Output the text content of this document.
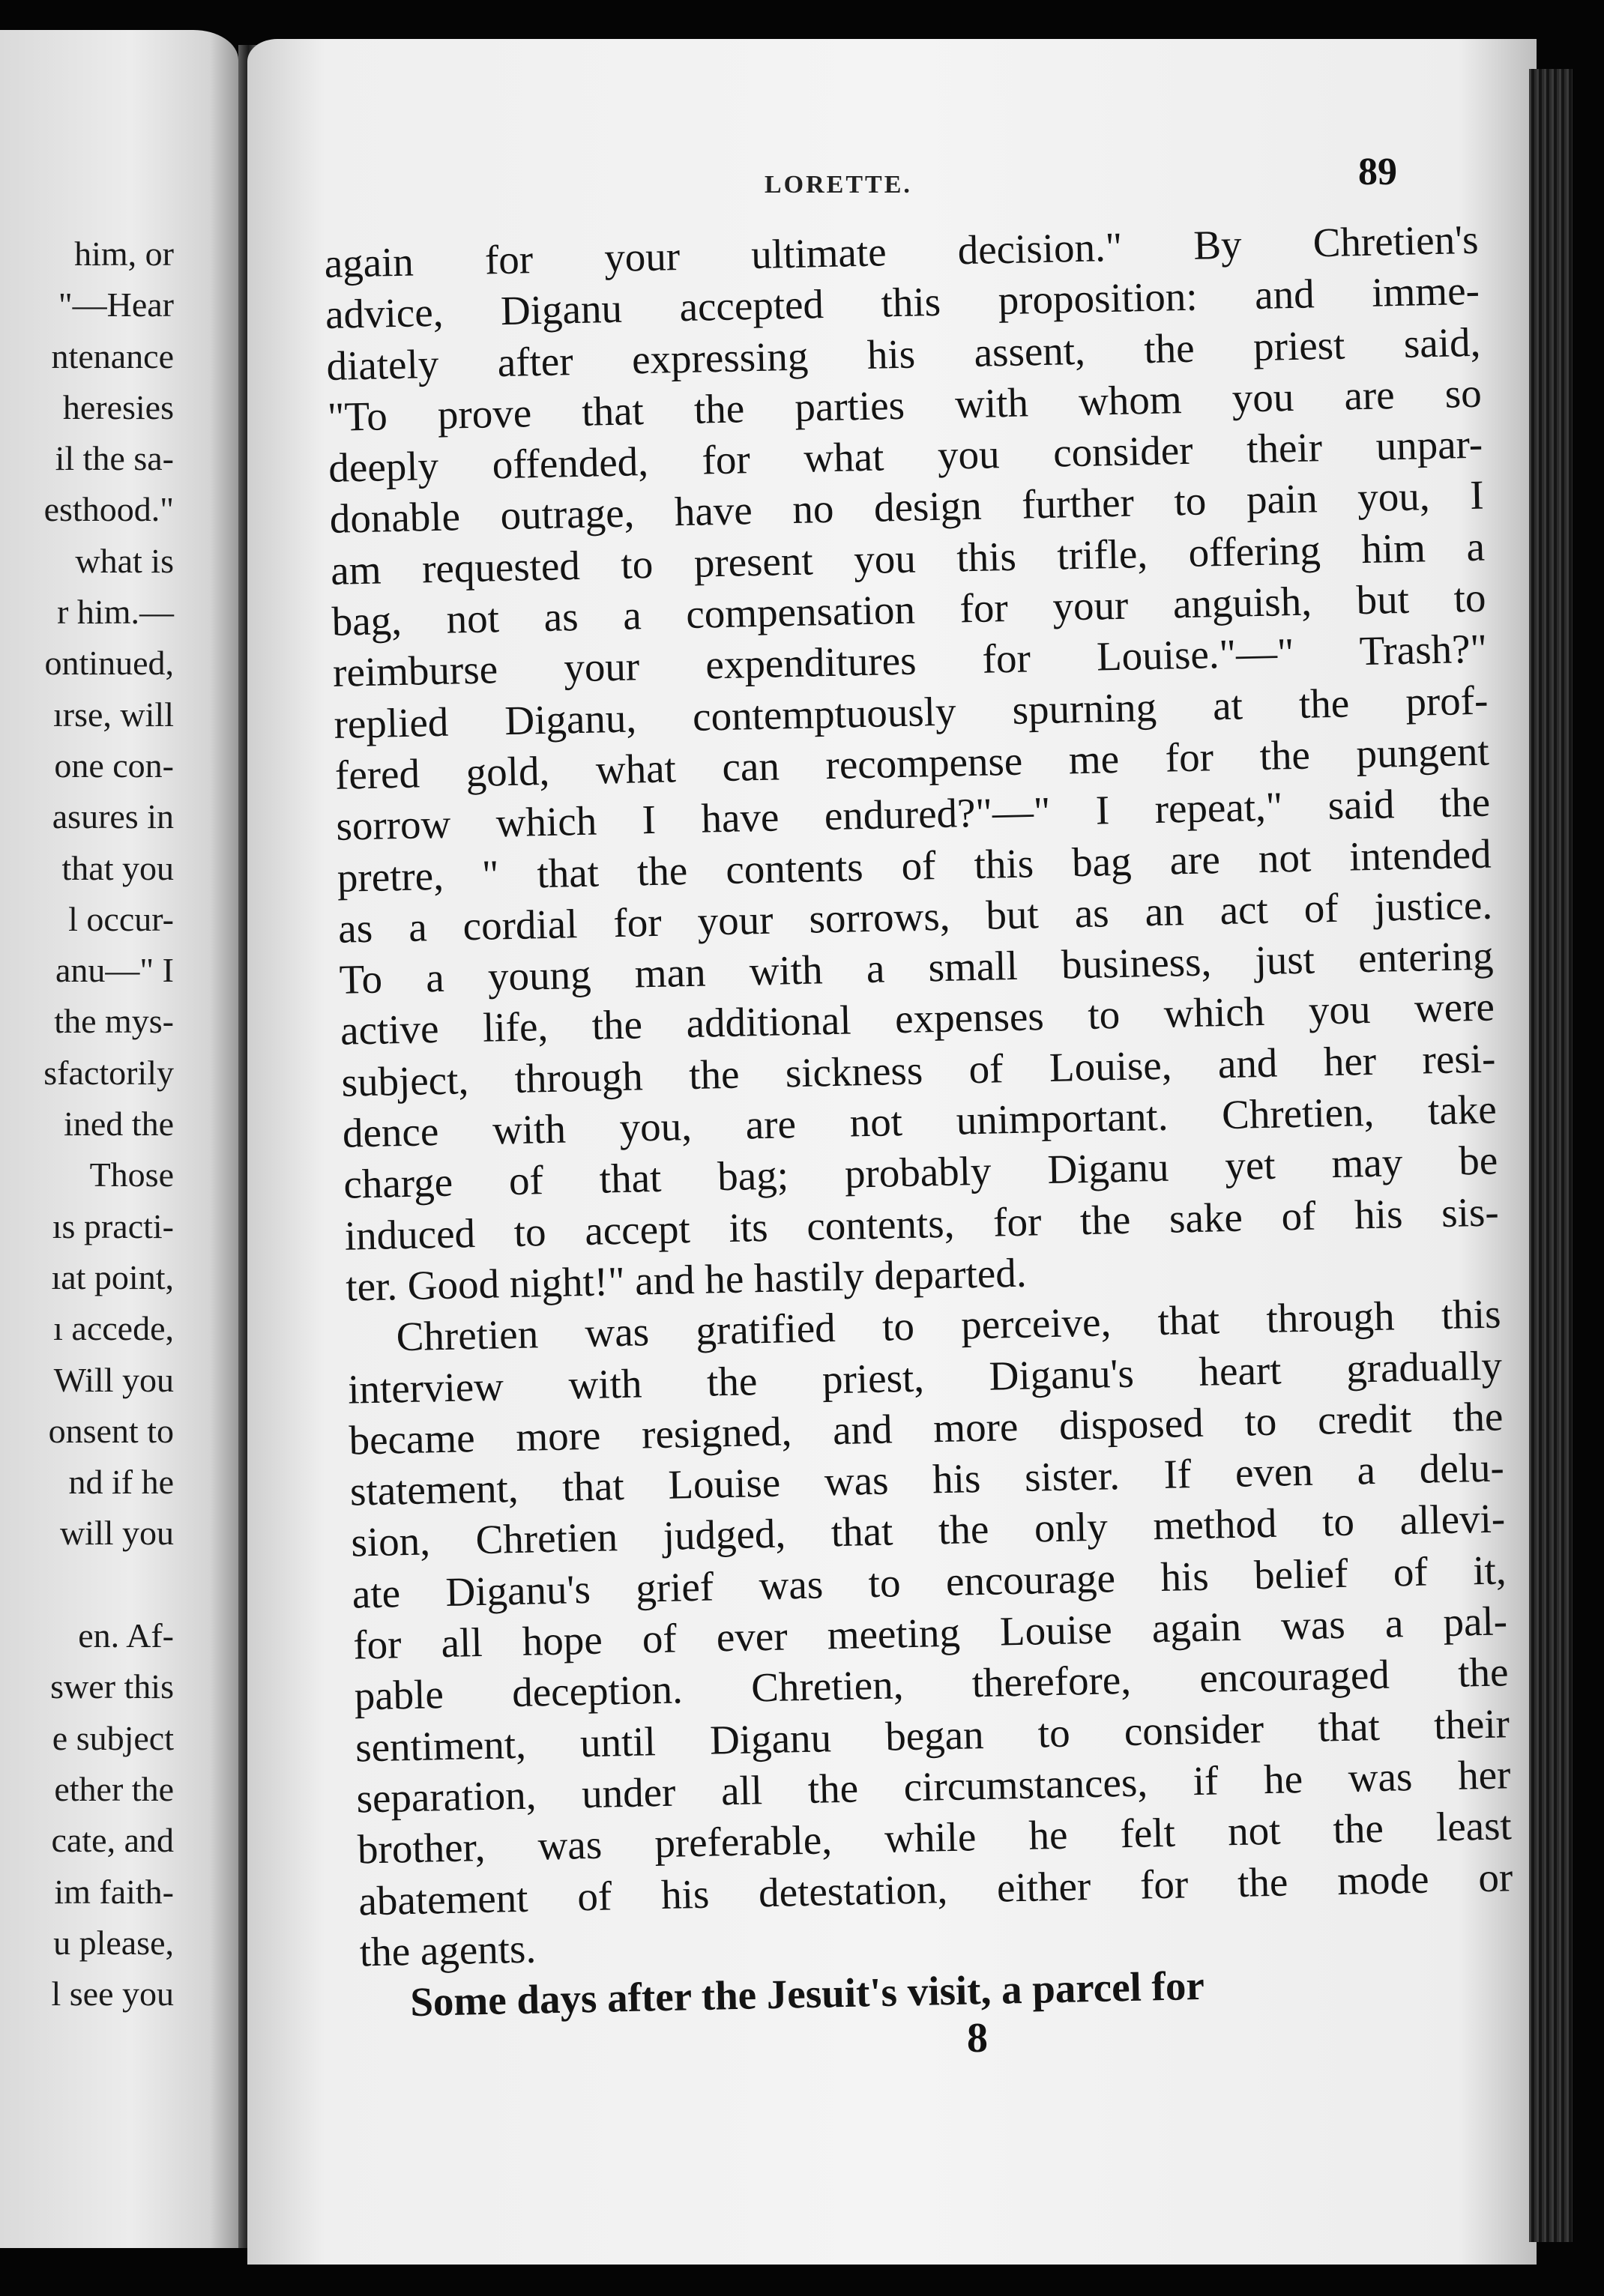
him, or
"—Hear
ntenance
heresies
il the sa-
esthood."
what is
r him.—
ontinued,
ırse, will
one con-
asures in
that you
l occur-
anu—" I
the mys-
sfactorily
ined the
Those
ıs practi-
ıat point,
ı accede,
Will you
onsent to
nd if he
will you
en. Af-
swer this
e subject
ether the
cate, and
im faith-
u please,
l see you
LORETTE.	89
again for your ultimate decision." By Chretien's
advice, Diganu accepted this proposition: and imme-
diately after expressing his assent, the priest said,
"To prove that the parties with whom you are so
deeply offended, for what you consider their unpar-
donable outrage, have no design further to pain you, I
am requested to present you this trifle, offering him a
bag, not as a compensation for your anguish, but to
reimburse your expenditures for Louise."—" Trash?"
replied Diganu, contemptuously spurning at the prof-
fered gold, what can recompense me for the pungent
sorrow which I have endured?"—" I repeat," said the
pretre, " that the contents of this bag are not intended
as a cordial for your sorrows, but as an act of justice.
To a young man with a small business, just entering
active life, the additional expenses to which you were
subject, through the sickness of Louise, and her resi-
dence with you, are not unimportant. Chretien, take
charge of that bag; probably Diganu yet may be
induced to accept its contents, for the sake of his sis-
ter. Good night!" and he hastily departed.
Chretien was gratified to perceive, that through this
interview with the priest, Diganu's heart gradually
became more resigned, and more disposed to credit the
statement, that Louise was his sister. If even a delu-
sion, Chretien judged, that the only method to allevi-
ate Diganu's grief was to encourage his belief of it,
for all hope of ever meeting Louise again was a pal-
pable deception. Chretien, therefore, encouraged the
sentiment, until Diganu began to consider that their
separation, under all the circumstances, if he was her
brother, was preferable, while he felt not the least
abatement of his detestation, either for the mode or
the agents.
Some days after the Jesuit's visit, a parcel for
8
